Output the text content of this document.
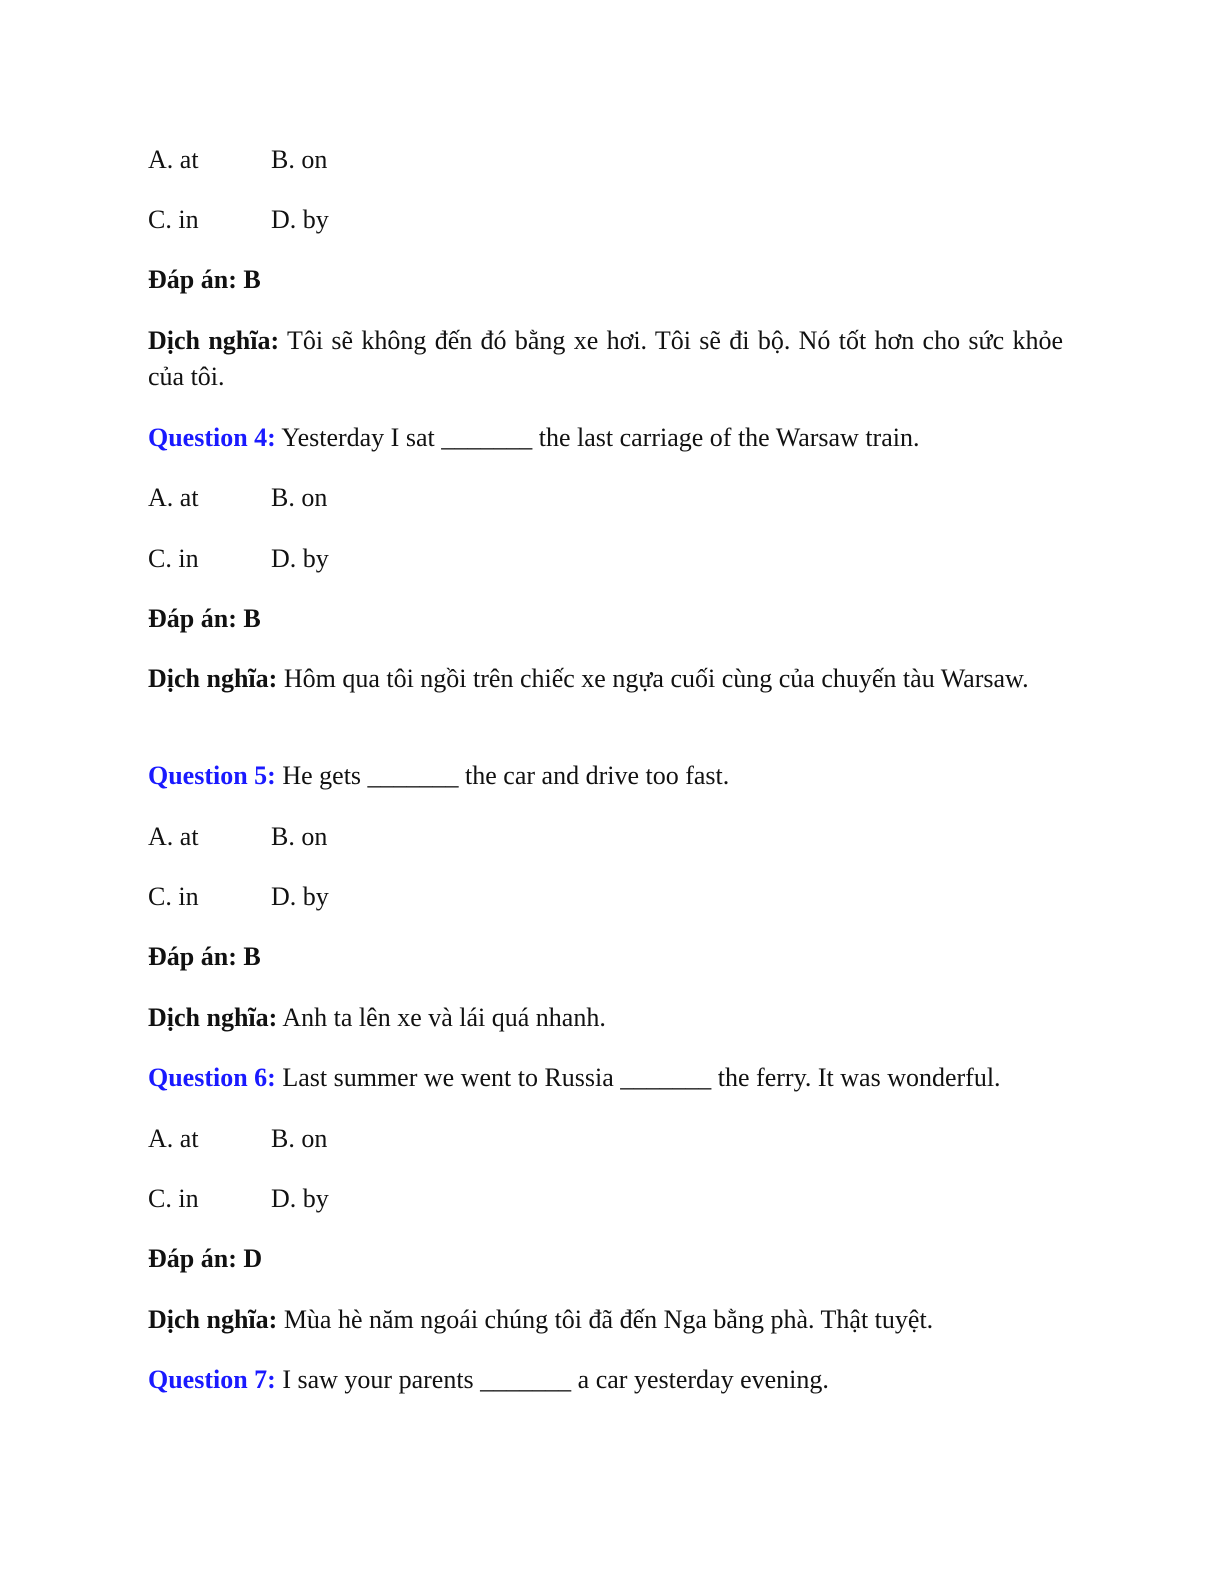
A. at	B. on
C. in	D. by
Đáp án: B
Dịch nghĩa: Tôi sẽ không đến đó bằng xe hơi. Tôi sẽ đi bộ. Nó tốt hơn cho sức khỏe của tôi.
Question 4: Yesterday I sat _______ the last carriage of the Warsaw train.
A. at	B. on
C. in	D. by
Đáp án: B
Dịch nghĩa: Hôm qua tôi ngồi trên chiếc xe ngựa cuối cùng của chuyến tàu Warsaw.
Question 5: He gets _______ the car and drive too fast.
A. at	B. on
C. in	D. by
Đáp án: B
Dịch nghĩa: Anh ta lên xe và lái quá nhanh.
Question 6: Last summer we went to Russia _______ the ferry. It was wonderful.
A. at	B. on
C. in	D. by
Đáp án: D
Dịch nghĩa: Mùa hè năm ngoái chúng tôi đã đến Nga bằng phà. Thật tuyệt.
Question 7: I saw your parents _______ a car yesterday evening.
